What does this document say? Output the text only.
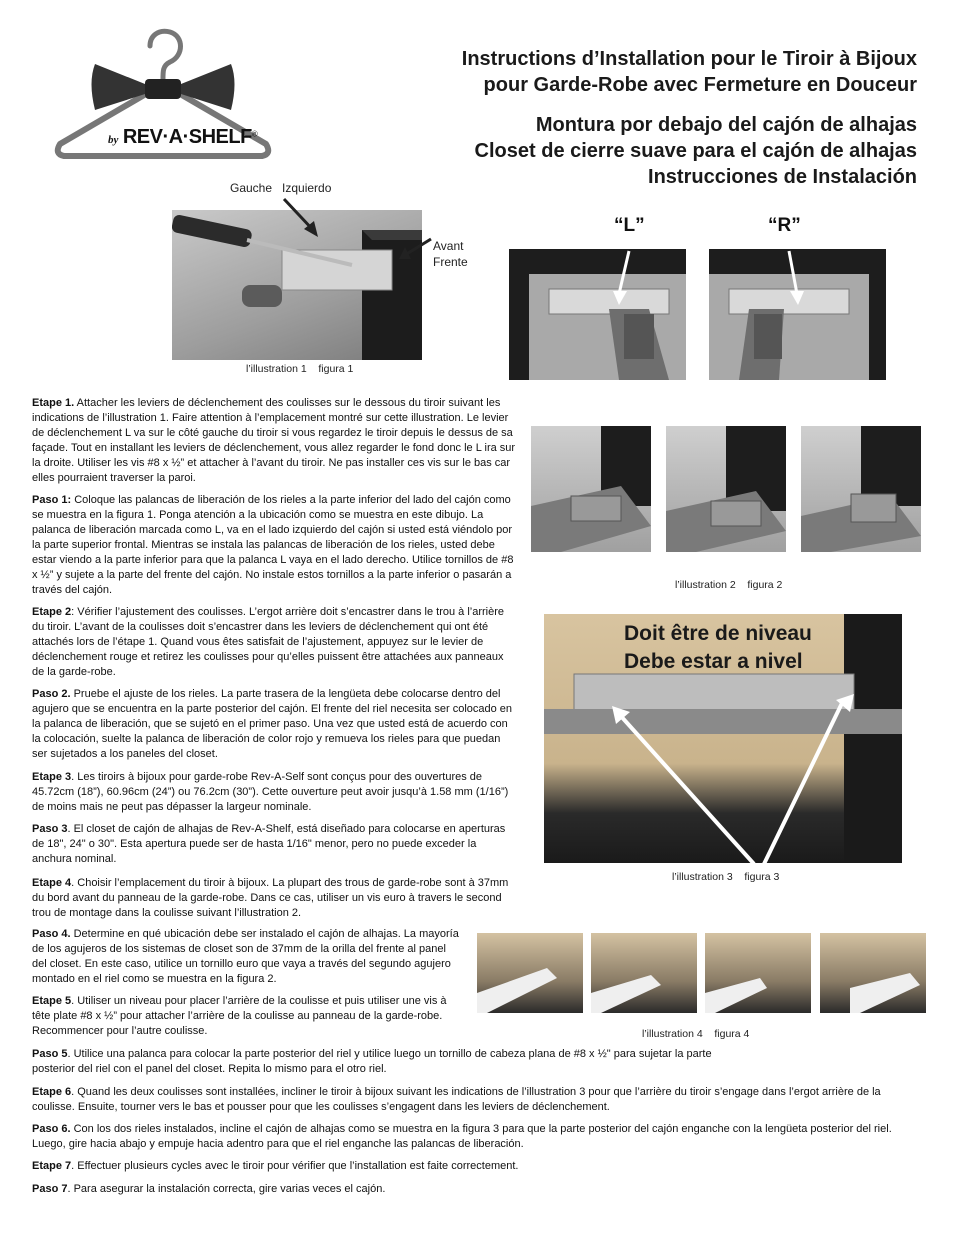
by REV·A·SHELF®
Instructions d’Installation pour le Tiroir à Bijoux
pour Garde-Robe avec Fermeture en Douceur
Montura por debajo del cajón de alhajas
Closet de cierre suave para el cajón de alhajas
Instrucciones de Instalación
Gauche   Izquierdo
Avant
Frente
l’illustration 1    figura 1
“L”	“R”
l’illustration 2    figura 2
Doit être de niveau
Debe estar a nivel
l’illustration 3    figura 3
l’illustration 4    figura 4
Etape 1. Attacher les leviers de déclenchement des coulisses sur le dessous du tiroir suivant les indications de l’illustration 1. Faire attention à l’emplacement montré sur cette illustration. Le levier de déclenchement L va sur le côté gauche du tiroir si vous regardez le tiroir depuis le dessus de sa façade. Tout en installant les leviers de déclenchement, vous allez regarder le fond donc le L ira sur la droite. Utiliser les vis #8 x ½” et attacher à l’avant du tiroir. Ne pas installer ces vis sur le bas car elles pourraient traverser la paroi.
Paso 1: Coloque las palancas de liberación de los rieles a la parte inferior del lado del cajón como se muestra en la figura 1. Ponga atención a la ubicación como se muestra en este dibujo. La palanca de liberación marcada como L, va en el lado izquierdo del cajón si usted está viéndolo por la parte superior frontal. Mientras se instala las palancas de liberación de los rieles, usted debe estar viendo a la parte inferior para que la palanca L vaya en el lado derecho. Utilice tornillos de #8 x ½” y sujete a la parte del frente del cajón. No instale estos tornillos a la parte inferior o pasarán a través del cajón.
Etape 2: Vérifier l’ajustement des coulisses. L’ergot arrière doit s’encastrer dans le trou à l’arrière du tiroir. L’avant de la coulisses doit s’encastrer dans les leviers de déclenchement qui ont été attachés lors de l’étape 1. Quand vous êtes satisfait de l’ajustement, appuyez sur le levier de déclenchement rouge et retirez les coulisses pour qu’elles puissent être attachées aux panneaux de la garde-robe.
Paso 2. Pruebe el ajuste de los rieles. La parte trasera de la lengüeta debe colocarse dentro del agujero que se encuentra en la parte posterior del cajón. El frente del riel necesita ser colocado en la palanca de liberación, que se sujetó en el primer paso. Una vez que usted está de acuerdo con la colocación, suelte la palanca de liberación de color rojo y remueva los rieles para que puedan ser sujetados a los paneles del closet.
Etape 3. Les tiroirs à bijoux pour garde-robe Rev-A-Self sont conçus pour des ouvertures de 45.72cm (18”), 60.96cm (24”) ou 76.2cm (30”). Cette ouverture peut avoir jusqu’à 1.58 mm (1/16”) de moins mais ne peut pas dépasser la largeur nominale.
Paso 3. El closet de cajón de alhajas de Rev-A-Shelf, está diseñado para colocarse en aperturas de 18", 24" o 30". Esta apertura puede ser de hasta 1/16" menor, pero no puede exceder la anchura nominal.
Etape 4. Choisir l’emplacement du tiroir à bijoux. La plupart des trous de garde-robe sont à 37mm du bord avant du panneau de la garde-robe. Dans ce cas, utiliser un vis euro à travers le second trou de montage dans la coulisse suivant l’illustration 2.
Paso 4. Determine en qué ubicación debe ser instalado el cajón de alhajas. La mayoría de los agujeros de los sistemas de closet son de 37mm de la orilla del frente al panel del closet. En este caso, utilice un tornillo euro que vaya a través del segundo agujero montado en el riel como se muestra en la figura 2.
Etape 5. Utiliser un niveau pour placer l’arrière de la coulisse et puis utiliser une vis à tête plate #8 x ½” pour attacher l’arrière de la coulisse au panneau de la garde-robe. Recommencer pour l’autre coulisse.
Paso 5. Utilice una palanca para colocar la parte posterior del riel y utilice luego un tornillo de cabeza plana de #8 x ½" para sujetar la parte posterior del riel con el panel del closet. Repita lo mismo para el otro riel.
Etape 6. Quand les deux coulisses sont installées, incliner le tiroir à bijoux suivant les indications de l’illustration 3 pour que l’arrière du tiroir s’engage dans l’ergot arrière de la coulisse. Ensuite, tourner vers le bas et pousser pour que les coulisses s’engagent dans les leviers de déclenchement.
Paso 6. Con los dos rieles instalados, incline el cajón de alhajas como se muestra en la figura 3 para que la parte posterior del cajón enganche con la lengüeta posterior del riel. Luego, gire hacia abajo y empuje hacia adentro para que el riel enganche las palancas de liberación.
Etape 7. Effectuer plusieurs cycles avec le tiroir pour vérifier que l’installation est faite correctement.
Paso 7. Para asegurar la instalación correcta, gire varias veces el cajón.
